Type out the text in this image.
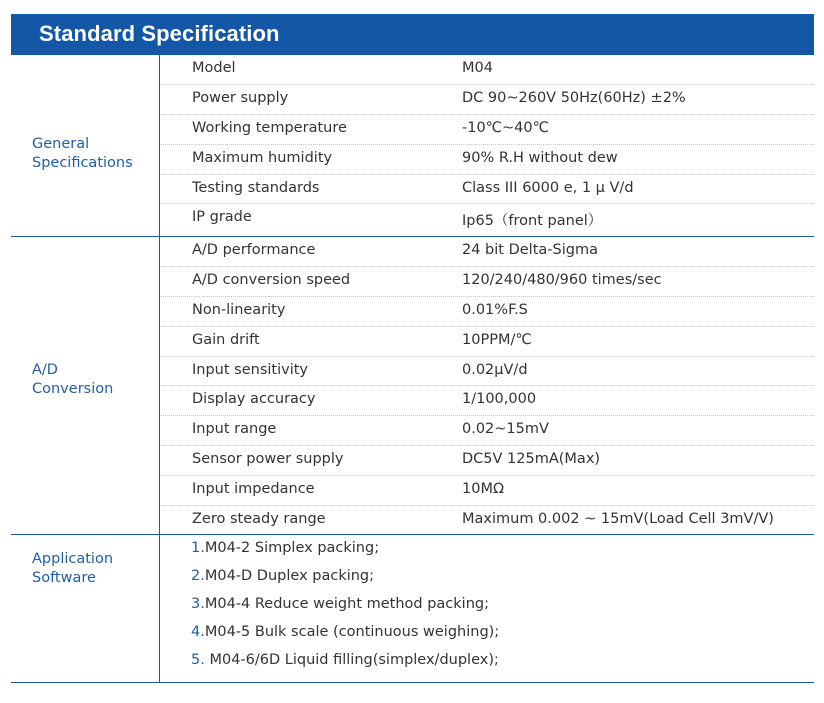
Standard Specification
General
Specifications
Model	M04
Power supply	DC 90~260V 50Hz(60Hz) ±2%
Working temperature	-10℃~40℃
Maximum humidity	90% R.H without dew
Testing standards	Class III 6000 e, 1 μ V/d
IP grade	Ip65（front panel）
A/D
Conversion
A/D performance	24 bit Delta-Sigma
A/D conversion speed	120/240/480/960 times/sec
Non-linearity	0.01%F.S
Gain drift	10PPM/℃
Input sensitivity	0.02μV/d
Display accuracy	1/100,000
Input range	0.02~15mV
Sensor power supply	DC5V 125mA(Max)
Input impedance	10MΩ
Zero steady range	Maximum 0.002 ~ 15mV(Load Cell 3mV/V)
Application
Software
1.M04-2 Simplex packing;
2.M04-D Duplex packing;
3.M04-4 Reduce weight method packing;
4.M04-5 Bulk scale (continuous weighing);
5. M04-6/6D Liquid filling(simplex/duplex);
